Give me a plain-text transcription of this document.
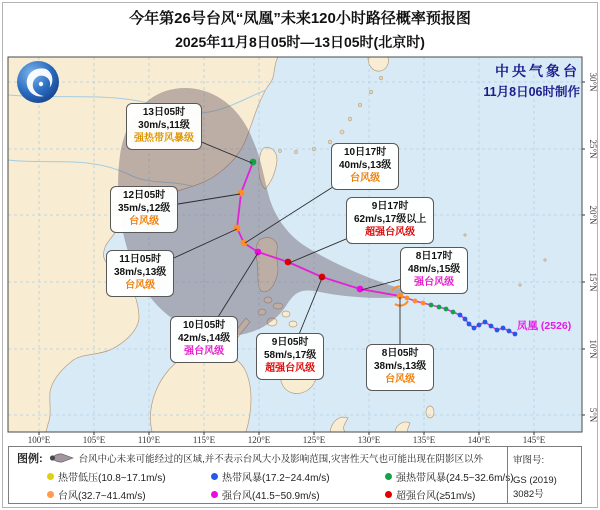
今年第26号台风“凤凰”未来120小时路径概率预报图
2025年11月8日05时—13日05时(北京时)
100°E	105°E	110°E	115°E	120°E	125°E	130°E	135°E	140°E	145°E
30°N
25°N
20°N
15°N
10°N
5°N
中央气象台
11月8日06时制作
凤凰 (2526)
13日05时
30m/s,11级
强热带风暴级
12日05时
35m/s,12级
台风级
11日05时
38m/s,13级
台风级
10日05时
42m/s,14级
强台风级
9日05时
58m/s,17级
超强台风级
8日05时
38m/s,13级
台风级
10日17时
40m/s,13级
台风级
9日17时
62m/s,17级以上
超强台风级
8日17时
48m/s,15级
强台风级
图例:	台风中心未来可能经过的区域,并不表示台风大小及影响范围,灾害性天气也可能出现在阴影区以外
热带低压(10.8~17.1m/s)	热带风暴(17.2~24.4m/s)	强热带风暴(24.5~32.6m/s)
台风(32.7~41.4m/s)	强台风(41.5~50.9m/s)	超强台风(≥51m/s)
审图号:
GS (2019) 3082号
